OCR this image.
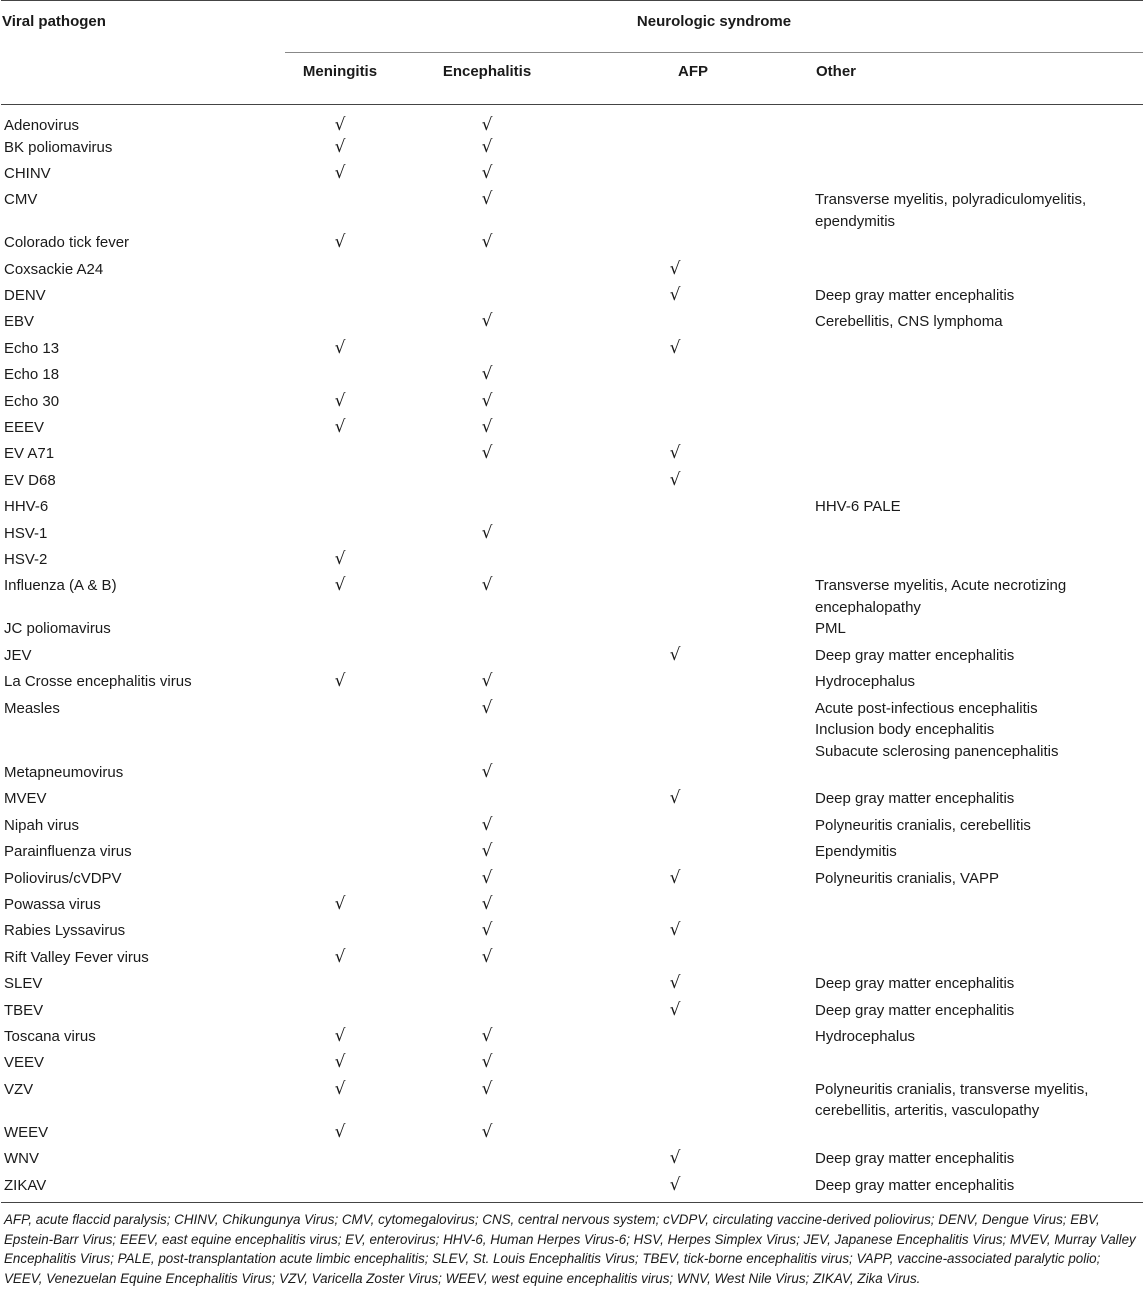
Viral pathogen	Neurologic syndrome			
	Meningitis	Encephalitis	AFP	Other
Adenovirus	√	√		
BK poliomavirus	√	√		
CHINV	√	√		
CMV		√		Transverse myelitis, polyradiculomyelitis,
ependymitis

Colorado tick fever	√	√		
Coxsackie A24			√	
DENV			√	Deep gray matter encephalitis

EBV		√		Cerebellitis, CNS lymphoma

Echo 13	√		√	
Echo 18		√		
Echo 30	√	√		
EEEV	√	√		
EV A71		√	√	
EV D68			√	
HHV-6				HHV-6 PALE

HSV-1		√		
HSV-2	√			
Influenza (A & B)	√	√		Transverse myelitis, Acute necrotizing
encephalopathy

JC poliomavirus				PML

JEV			√	Deep gray matter encephalitis

La Crosse encephalitis virus	√	√		Hydrocephalus

Measles		√		Acute post-infectious encephalitis
Inclusion body encephalitis
Subacute sclerosing panencephalitis

Metapneumovirus		√		
MVEV			√	Deep gray matter encephalitis

Nipah virus		√		Polyneuritis cranialis, cerebellitis

Parainfluenza virus		√		Ependymitis

Poliovirus/cVDPV		√	√	Polyneuritis cranialis, VAPP

Powassa virus	√	√		
Rabies Lyssavirus		√	√	
Rift Valley Fever virus	√	√		
SLEV			√	Deep gray matter encephalitis

TBEV			√	Deep gray matter encephalitis

Toscana virus	√	√		Hydrocephalus

VEEV	√	√		
VZV	√	√		Polyneuritis cranialis, transverse myelitis,
cerebellitis, arteritis, vasculopathy

WEEV	√	√		
WNV			√	Deep gray matter encephalitis

ZIKAV			√	Deep gray matter encephalitis
AFP, acute flaccid paralysis; CHINV, Chikungunya Virus; CMV, cytomegalovirus; CNS, central nervous system; cVDPV, circulating vaccine-derived poliovirus; DENV, Dengue Virus; EBV, Epstein-Barr Virus; EEEV, east equine encephalitis virus; EV, enterovirus; HHV-6, Human Herpes Virus-6; HSV, Herpes Simplex Virus; JEV, Japanese Encephalitis Virus; MVEV, Murray Valley Encephalitis Virus; PALE, post-transplantation acute limbic encephalitis; SLEV, St. Louis Encephalitis Virus; TBEV, tick-borne encephalitis virus; VAPP, vaccine-associated paralytic polio; VEEV, Venezuelan Equine Encephalitis Virus; VZV, Varicella Zoster Virus; WEEV, west equine encephalitis virus; WNV, West Nile Virus; ZIKAV, Zika Virus.
